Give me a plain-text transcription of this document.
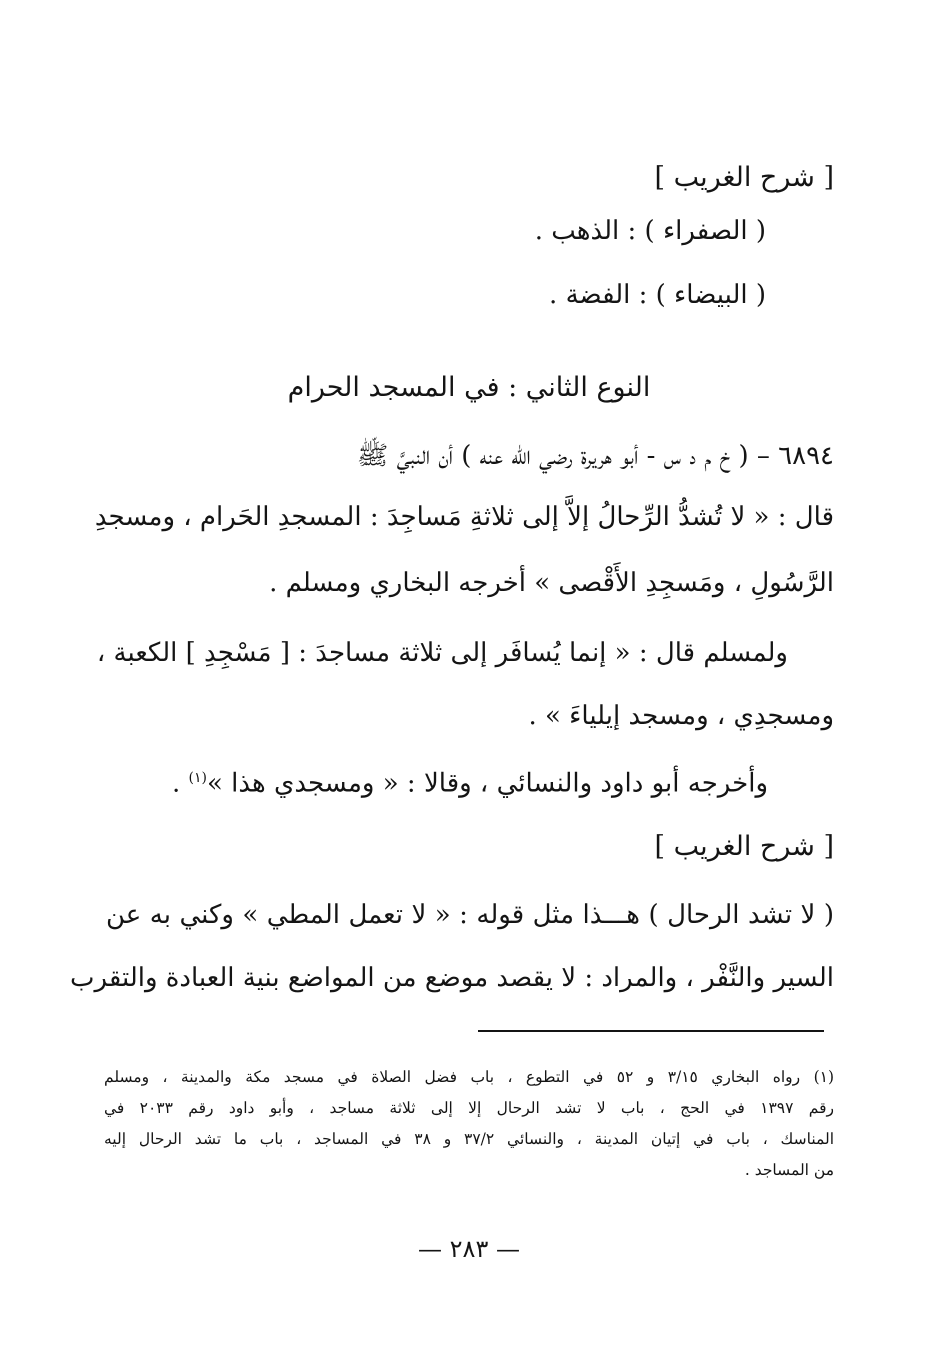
[ شرح الغريب ]
( الصفراء ) : الذهب .
( البيضاء ) : الفضة .
النوع الثاني : في المسجد الحرام
٦٨٩٤ – ( خ م د س - أبو هريرة رضي الله عنه ) أن النبيَّ ﷺ
قال : « لا تُشدُّ الرِّحالُ إلاَّ إلى ثلاثةِ مَساجِدَ : المسجدِ الحَرام ، ومسجدِ
الرَّسُولِ ، ومَسجِدِ الأَقْصى » أخرجه البخاري ومسلم .
ولمسلم قال : « إنما يُسافَر إلى ثلاثة مساجدَ : [ مَسْجِدِ ] الكعبة ،
ومسجدِي ، ومسجد إيلياءَ » .
وأخرجه أبو داود والنسائي ، وقالا : « ومسجدي هذا »$^{(١)}$ .
[ شرح الغريب ]
( لا تشد الرحال ) هـــذا مثل قوله : « لا تعمل المطي » وكني به عن
السير والنَّفْر ، والمراد : لا يقصد موضع من المواضع بنية العبادة والتقرب
(١) رواه البخاري ٣/١٥ و ٥٢ في التطوع ، باب فضل الصلاة في مسجد مكة والمدينة ، ومسلم
رقم ١٣٩٧ في الحج ، باب لا تشد الرحال إلا إلى ثلاثة مساجد ، وأبو داود رقم ٢٠٣٣ في
المناسك ، باب في إتيان المدينة ، والنسائي ٣٧/٢ و ٣٨ في المساجد ، باب ما تشد الرحال إليه
من المساجد .
— ٢٨٣ —
